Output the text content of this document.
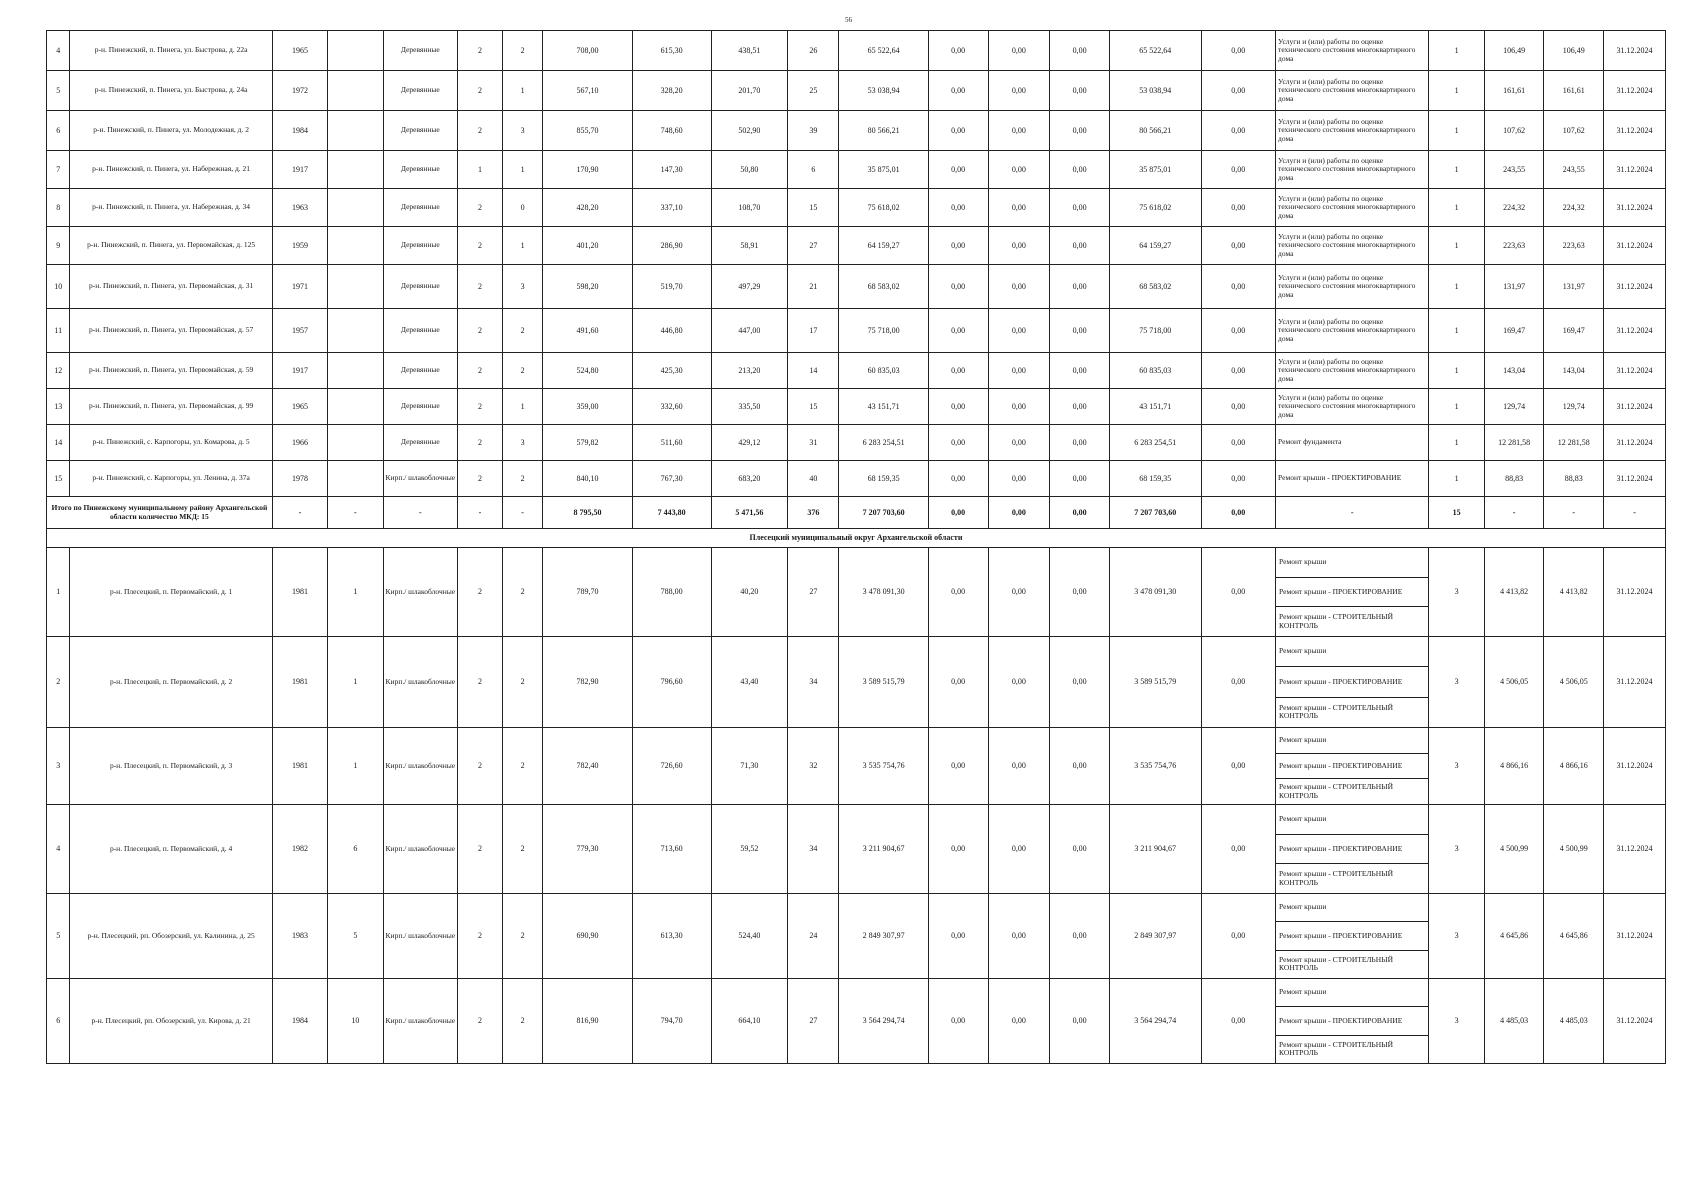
56
4	р-н. Пинежский, п. Пинега, ул. Быстрова, д. 22а	1965		Деревянные	2	2	708,00	615,30	438,51	26	65 522,64	0,00	0,00	0,00	65 522,64	0,00	Услуги и (или) работы по оценке технического состояния многоквартирного дома	1	106,49	106,49	31.12.2024
5	р-н. Пинежский, п. Пинега, ул. Быстрова, д. 24а	1972		Деревянные	2	1	567,10	328,20	201,70	25	53 038,94	0,00	0,00	0,00	53 038,94	0,00	Услуги и (или) работы по оценке технического состояния многоквартирного дома	1	161,61	161,61	31.12.2024
6	р-н. Пинежский, п. Пинега, ул. Молодежная, д. 2	1984		Деревянные	2	3	855,70	748,60	502,90	39	80 566,21	0,00	0,00	0,00	80 566,21	0,00	Услуги и (или) работы по оценке технического состояния многоквартирного дома	1	107,62	107,62	31.12.2024
7	р-н. Пинежский, п. Пинега, ул. Набережная, д. 21	1917		Деревянные	1	1	170,90	147,30	50,80	6	35 875,01	0,00	0,00	0,00	35 875,01	0,00	Услуги и (или) работы по оценке технического состояния многоквартирного дома	1	243,55	243,55	31.12.2024
8	р-н. Пинежский, п. Пинега, ул. Набережная, д. 34	1963		Деревянные	2	0	428,20	337,10	108,70	15	75 618,02	0,00	0,00	0,00	75 618,02	0,00	Услуги и (или) работы по оценке технического состояния многоквартирного дома	1	224,32	224,32	31.12.2024
9	р-н. Пинежский, п. Пинега, ул. Первомайская, д. 125	1959		Деревянные	2	1	401,20	286,90	58,91	27	64 159,27	0,00	0,00	0,00	64 159,27	0,00	Услуги и (или) работы по оценке технического состояния многоквартирного дома	1	223,63	223,63	31.12.2024
10	р-н. Пинежский, п. Пинега, ул. Первомайская, д. 31	1971		Деревянные	2	3	598,20	519,70	497,29	21	68 583,02	0,00	0,00	0,00	68 583,02	0,00	Услуги и (или) работы по оценке технического состояния многоквартирного дома	1	131,97	131,97	31.12.2024
11	р-н. Пинежский, п. Пинега, ул. Первомайская, д. 57	1957		Деревянные	2	2	491,60	446,80	447,00	17	75 718,00	0,00	0,00	0,00	75 718,00	0,00	Услуги и (или) работы по оценке технического состояния многоквартирного дома	1	169,47	169,47	31.12.2024
12	р-н. Пинежский, п. Пинега, ул. Первомайская, д. 59	1917		Деревянные	2	2	524,80	425,30	213,20	14	60 835,03	0,00	0,00	0,00	60 835,03	0,00	Услуги и (или) работы по оценке технического состояния многоквартирного дома	1	143,04	143,04	31.12.2024
13	р-н. Пинежский, п. Пинега, ул. Первомайская, д. 99	1965		Деревянные	2	1	359,00	332,60	335,50	15	43 151,71	0,00	0,00	0,00	43 151,71	0,00	Услуги и (или) работы по оценке технического состояния многоквартирного дома	1	129,74	129,74	31.12.2024
14	р-н. Пинежский, с. Карпогоры, ул. Комарова, д. 5	1966		Деревянные	2	3	579,82	511,60	429,12	31	6 283 254,51	0,00	0,00	0,00	6 283 254,51	0,00	Ремонт фундамента	1	12 281,58	12 281,58	31.12.2024
15	р-н. Пинежский, с. Карпогоры, ул. Ленина, д. 37а	1978		Кирп./ шлакоблочные	2	2	840,10	767,30	683,20	40	68 159,35	0,00	0,00	0,00	68 159,35	0,00	Ремонт крыши - ПРОЕКТИРОВАНИЕ	1	88,83	88,83	31.12.2024
Итого по Пинежскому муниципальному району Архангельской области количество МКД: 15		-	-	-	-	-	8 795,50	7 443,80	5 471,56	376	7 207 703,60	0,00	0,00	0,00	7 207 703,60	0,00	-	15	-	-	-
Плесецкий муниципальный округ Архангельской области																					
1	р-н. Плесецкий, п. Первомайский, д. 1	1981	1	Кирп./ шлакоблочные	2	2	789,70	788,00	40,20	27	3 478 091,30	0,00	0,00	0,00	3 478 091,30	0,00	Ремонт крыши
Ремонт крыши - ПРОЕКТИРОВАНИЕ
Ремонт крыши - СТРОИТЕЛЬНЫЙ КОНТРОЛЬ	3	4 413,82	4 413,82	31.12.2024
2	р-н. Плесецкий, п. Первомайский, д. 2	1981	1	Кирп./ шлакоблочные	2	2	782,90	796,60	43,40	34	3 589 515,79	0,00	0,00	0,00	3 589 515,79	0,00	Ремонт крыши
Ремонт крыши - ПРОЕКТИРОВАНИЕ
Ремонт крыши - СТРОИТЕЛЬНЫЙ КОНТРОЛЬ	3	4 506,05	4 506,05	31.12.2024
3	р-н. Плесецкий, п. Первомайский, д. 3	1981	1	Кирп./ шлакоблочные	2	2	782,40	726,60	71,30	32	3 535 754,76	0,00	0,00	0,00	3 535 754,76	0,00	Ремонт крыши
Ремонт крыши - ПРОЕКТИРОВАНИЕ
Ремонт крыши - СТРОИТЕЛЬНЫЙ КОНТРОЛЬ	3	4 866,16	4 866,16	31.12.2024
4	р-н. Плесецкий, п. Первомайский, д. 4	1982	6	Кирп./ шлакоблочные	2	2	779,30	713,60	59,52	34	3 211 904,67	0,00	0,00	0,00	3 211 904,67	0,00	Ремонт крыши
Ремонт крыши - ПРОЕКТИРОВАНИЕ
Ремонт крыши - СТРОИТЕЛЬНЫЙ КОНТРОЛЬ	3	4 500,99	4 500,99	31.12.2024
5	р-н. Плесецкий, рп. Обозерский, ул. Калинина, д. 25	1983	5	Кирп./ шлакоблочные	2	2	690,90	613,30	524,40	24	2 849 307,97	0,00	0,00	0,00	2 849 307,97	0,00	Ремонт крыши
Ремонт крыши - ПРОЕКТИРОВАНИЕ
Ремонт крыши - СТРОИТЕЛЬНЫЙ КОНТРОЛЬ	3	4 645,86	4 645,86	31.12.2024
6	р-н. Плесецкий, рп. Обозерский, ул. Кирова, д. 21	1984	10	Кирп./ шлакоблочные	2	2	816,90	794,70	664,10	27	3 564 294,74	0,00	0,00	0,00	3 564 294,74	0,00	Ремонт крыши
Ремонт крыши - ПРОЕКТИРОВАНИЕ
Ремонт крыши - СТРОИТЕЛЬНЫЙ КОНТРОЛЬ	3	4 485,03	4 485,03	31.12.2024
